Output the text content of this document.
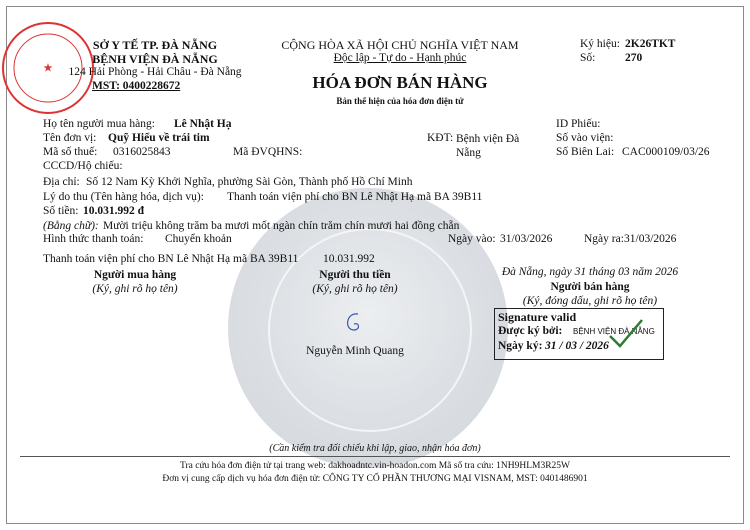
★
SỞ Y TẾ TP. ĐÀ NẴNG
BỆNH VIỆN ĐÀ NẴNG
124 Hải Phòng - Hải Châu - Đà Nẵng
MST: 0400228672
CỘNG HÒA XÃ HỘI CHỦ NGHĨA VIỆT NAM
Độc lập - Tự do - Hạnh phúc
HÓA ĐƠN BÁN HÀNG
Bản thể hiện của hóa đơn điện tử
Ký hiệu: 2K26TKT
Số:	270
Họ tên người mua hàng: Lê Nhật Hạ
Tên đơn vị: Quỹ Hiểu về trái tim
Mã số thuế: 0316025843	Mã ĐVQHNS:
KĐT: Bệnh viện Đà Nẵng
ID Phiếu:
Số vào viện:
Số Biên Lai: CAC000109/03/26
CCCD/Hộ chiếu:
Địa chỉ: Số 12 Nam Kỳ Khởi Nghĩa, phường Sài Gòn, Thành phố Hồ Chí Minh
Lý do thu (Tên hàng hóa, dịch vụ): Thanh toán viện phí cho BN Lê Nhật Hạ mã BA 39B11
Số tiền: 10.031.992 đ
(Bằng chữ): Mười triệu không trăm ba mươi mốt ngàn chín trăm chín mươi hai đồng chẵn
Hình thức thanh toán: Chuyển khoản	Ngày vào: 31/03/2026	Ngày ra: 31/03/2026
Thanh toán viện phí cho BN Lê Nhật Hạ mã BA 39B11 10.031.992
Người mua hàng
(Ký, ghi rõ họ tên)
Người thu tiền
(Ký, ghi rõ họ tên)
Nguyễn Minh Quang
Đà Nẵng, ngày 31 tháng 03 năm 2026
Người bán hàng
(Ký, đóng dấu, ghi rõ họ tên)
Signature valid
Được ký bởi: BỆNH VIỆN ĐÀ NẴNG
Ngày ký: 31 / 03 / 2026
(Cần kiểm tra đối chiếu khi lập, giao, nhận hóa đơn)
Tra cứu hóa đơn điện tử tại trang web: dakhoadntc.vin-hoadon.com Mã số tra cứu: 1NH9HLM3R25W
Đơn vị cung cấp dịch vụ hóa đơn điện tử: CÔNG TY CỔ PHẦN THƯƠNG MẠI VISNAM, MST: 0401486901
